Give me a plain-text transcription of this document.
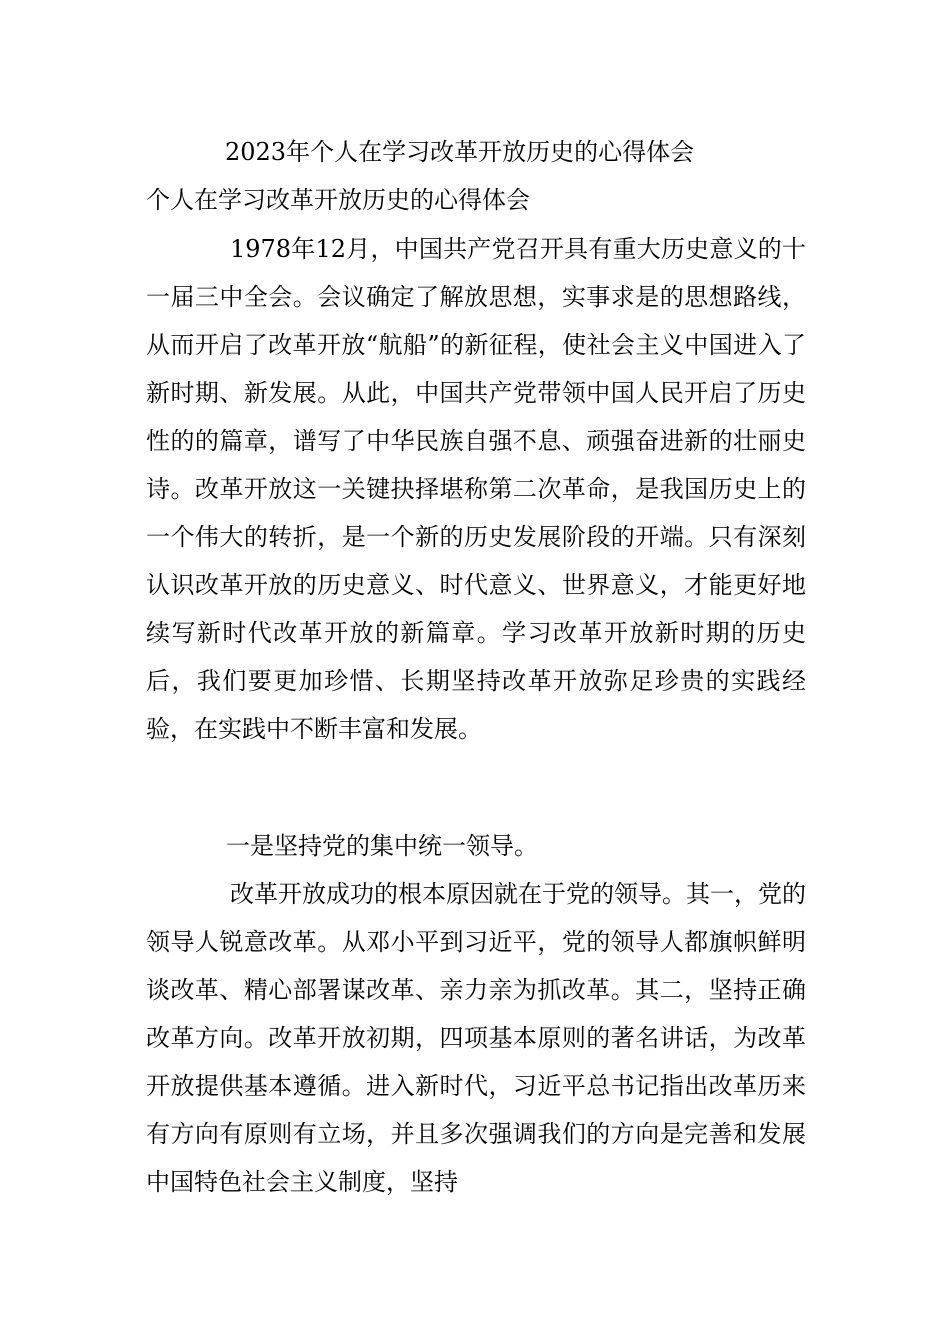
2023年个人在学习改革开放历史的心得体会
个人在学习改革开放历史的心得体会

1978年12月，中国共产党召开具有重大历史意义的十一届三中全会。会议确定了解放思想，实事求是的思想路线，从而开启了改革开放“航船”的新征程，使社会主义中国进入了新时期、新发展。从此，中国共产党带领中国人民开启了历史性的的篇章，谱写了中华民族自强不息、顽强奋进新的壮丽史诗。改革开放这一关键抉择堪称第二次革命，是我国历史上的一个伟大的转折，是一个新的历史发展阶段的开端。只有深刻认识改革开放的历史意义、时代意义、世界意义，才能更好地续写新时代改革开放的新篇章。学习改革开放新时期的历史后，我们要更加珍惜、长期坚持改革开放弥足珍贵的实践经验，在实践中不断丰富和发展。

一是坚持党的集中统一领导。

改革开放成功的根本原因就在于党的领导。其一，党的领导人锐意改革。从邓小平到习近平，党的领导人都旗帜鲜明谈改革、精心部署谋改革、亲力亲为抓改革。其二，坚持正确改革方向。改革开放初期，四项基本原则的著名讲话，为改革开放提供基本遵循。进入新时代，习近平总书记指出改革历来有方向有原则有立场，并且多次强调我们的方向是完善和发展中国特色社会主义制度，坚持
